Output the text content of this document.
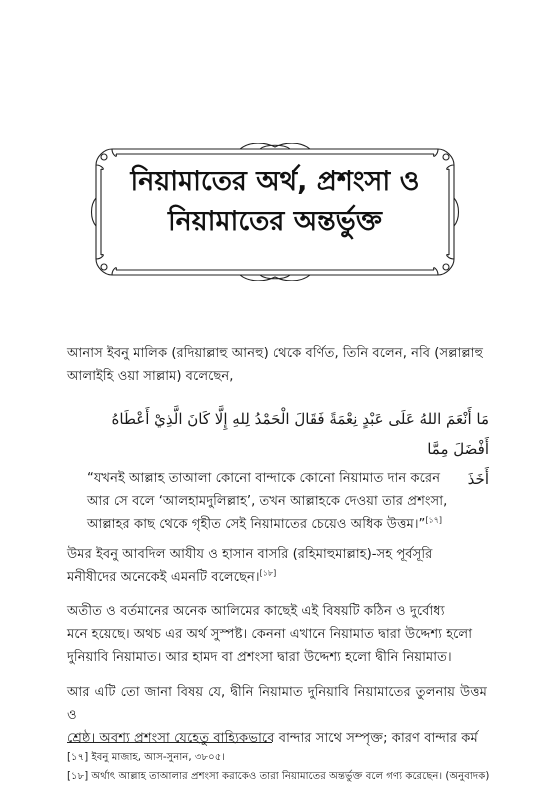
নিয়ামাতের অর্থ, প্রশংসা ও
নিয়ামাতের অন্তর্ভুক্ত
আনাস ইবনু মালিক (রদিয়াল্লাহু আনহু) থেকে বর্ণিত, তিনি বলেন, নবি (সল্লাল্লাহু
আলাইহি ওয়া সাল্লাম) বলেছেন,
مَا أَنْعَمَ اللهُ عَلَى عَبْدٍ نِعْمَةً فَقَالَ الْحَمْدُ لِلهِ إِلَّا كَانَ الَّذِيْ أَعْطَاهُ أَفْضَلَ مِمَّا
أَخَذَ
“যখনই আল্লাহ তাআলা কোনো বান্দাকে কোনো নিয়ামাত দান করেন
আর সে বলে ‘আলহামদুলিল্লাহ’, তখন আল্লাহকে দেওয়া তার প্রশংসা,
আল্লাহর কাছ থেকে গৃহীত সেই নিয়ামাতের চেয়েও অধিক উত্তম।”[১৭]
উমর ইবনু আবদিল আযীয ও হাসান বাসরি (রহিমাহুমাল্লাহ)-সহ পূর্বসূরি
মনীষীদের অনেকেই এমনটি বলেছেন।[১৮]
অতীত ও বর্তমানের অনেক আলিমের কাছেই এই বিষয়টি কঠিন ও দুর্বোধ্য
মনে হয়েছে। অথচ এর অর্থ সুস্পষ্ট। কেননা এখানে নিয়ামাত দ্বারা উদ্দেশ্য হলো
দুনিয়াবি নিয়ামাত। আর হামদ বা প্রশংসা দ্বারা উদ্দেশ্য হলো দ্বীনি নিয়ামাত।
আর এটি তো জানা বিষয় যে, দ্বীনি নিয়ামাত দুনিয়াবি নিয়ামাতের তুলনায় উত্তম ও
শ্রেষ্ঠ। অবশ্য প্রশংসা যেহেতু বাহ্যিকভাবে বান্দার সাথে সম্পৃক্ত; কারণ বান্দার কর্ম
[১৭] ইবনু মাজাহ, আস-সুনান, ৩৮০৫।
[১৮] অর্থাৎ আল্লাহ তাআলার প্রশংসা করাকেও তারা নিয়ামাতের অন্তর্ভুক্ত বলে গণ্য করেছেন। (অনুবাদক)
